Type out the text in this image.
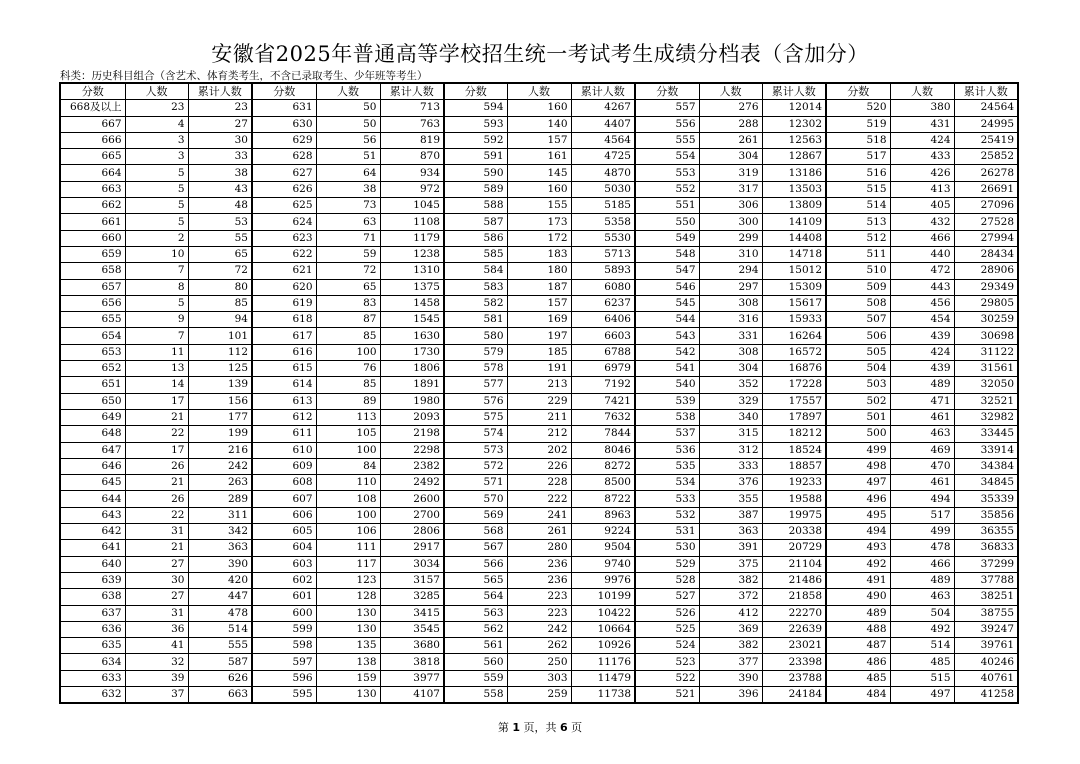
安徽省2025年普通高等学校招生统一考试考生成绩分档表（含加分）
科类：历史科目组合（含艺术、体育类考生，不含已录取考生、少年班等考生）
分数	人数	累计人数	分数	人数	累计人数	分数	人数	累计人数	分数	人数	累计人数	分数	人数	累计人数
668及以上	23	23	631	50	713	594	160	4267	557	276	12014	520	380	24564
667	4	27	630	50	763	593	140	4407	556	288	12302	519	431	24995
666	3	30	629	56	819	592	157	4564	555	261	12563	518	424	25419
665	3	33	628	51	870	591	161	4725	554	304	12867	517	433	25852
664	5	38	627	64	934	590	145	4870	553	319	13186	516	426	26278
663	5	43	626	38	972	589	160	5030	552	317	13503	515	413	26691
662	5	48	625	73	1045	588	155	5185	551	306	13809	514	405	27096
661	5	53	624	63	1108	587	173	5358	550	300	14109	513	432	27528
660	2	55	623	71	1179	586	172	5530	549	299	14408	512	466	27994
659	10	65	622	59	1238	585	183	5713	548	310	14718	511	440	28434
658	7	72	621	72	1310	584	180	5893	547	294	15012	510	472	28906
657	8	80	620	65	1375	583	187	6080	546	297	15309	509	443	29349
656	5	85	619	83	1458	582	157	6237	545	308	15617	508	456	29805
655	9	94	618	87	1545	581	169	6406	544	316	15933	507	454	30259
654	7	101	617	85	1630	580	197	6603	543	331	16264	506	439	30698
653	11	112	616	100	1730	579	185	6788	542	308	16572	505	424	31122
652	13	125	615	76	1806	578	191	6979	541	304	16876	504	439	31561
651	14	139	614	85	1891	577	213	7192	540	352	17228	503	489	32050
650	17	156	613	89	1980	576	229	7421	539	329	17557	502	471	32521
649	21	177	612	113	2093	575	211	7632	538	340	17897	501	461	32982
648	22	199	611	105	2198	574	212	7844	537	315	18212	500	463	33445
647	17	216	610	100	2298	573	202	8046	536	312	18524	499	469	33914
646	26	242	609	84	2382	572	226	8272	535	333	18857	498	470	34384
645	21	263	608	110	2492	571	228	8500	534	376	19233	497	461	34845
644	26	289	607	108	2600	570	222	8722	533	355	19588	496	494	35339
643	22	311	606	100	2700	569	241	8963	532	387	19975	495	517	35856
642	31	342	605	106	2806	568	261	9224	531	363	20338	494	499	36355
641	21	363	604	111	2917	567	280	9504	530	391	20729	493	478	36833
640	27	390	603	117	3034	566	236	9740	529	375	21104	492	466	37299
639	30	420	602	123	3157	565	236	9976	528	382	21486	491	489	37788
638	27	447	601	128	3285	564	223	10199	527	372	21858	490	463	38251
637	31	478	600	130	3415	563	223	10422	526	412	22270	489	504	38755
636	36	514	599	130	3545	562	242	10664	525	369	22639	488	492	39247
635	41	555	598	135	3680	561	262	10926	524	382	23021	487	514	39761
634	32	587	597	138	3818	560	250	11176	523	377	23398	486	485	40246
633	39	626	596	159	3977	559	303	11479	522	390	23788	485	515	40761
632	37	663	595	130	4107	558	259	11738	521	396	24184	484	497	41258
第 1 页，共 6 页
